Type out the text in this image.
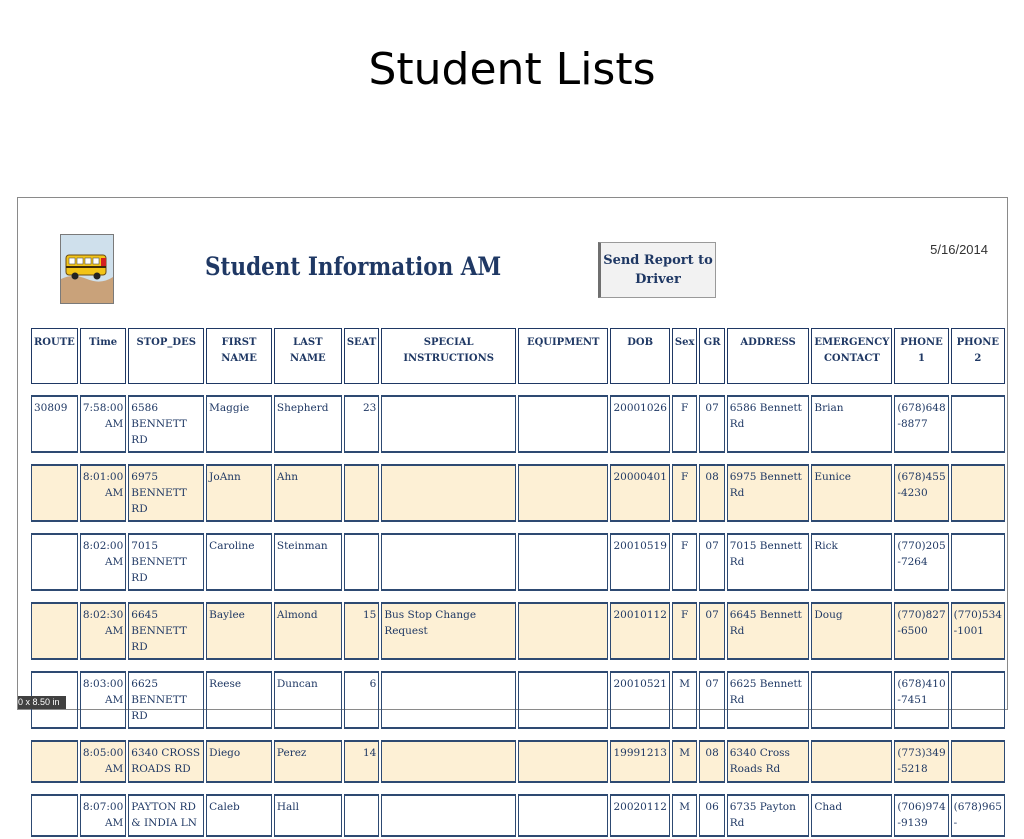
Student Lists
Student Information AM	Send Report to Driver
5/16/2014
ROUTE	Time	STOP_DES	FIRST NAME	LAST NAME	SEAT	SPECIAL INSTRUCTIONS	EQUIPMENT	DOB	Sex	GR	ADDRESS	EMERGENCY CONTACT	PHONE 1	PHONE 2

30809	7:58:00 AM	6586 BENNETT RD	Maggie	Shepherd	23			20001026	F	07	6586 Bennett Rd	Brian	(678)648 -8877	

	8:01:00 AM	6975 BENNETT RD	JoAnn	Ahn				20000401	F	08	6975 Bennett Rd	Eunice	(678)455 -4230	

	8:02:00 AM	7015 BENNETT RD	Caroline	Steinman				20010519	F	07	7015 Bennett Rd	Rick	(770)205 -7264	

	8:02:30 AM	6645 BENNETT RD	Baylee	Almond	15	Bus Stop Change Request		20010112	F	07	6645 Bennett Rd	Doug	(770)827 -6500	(770)534 -1001

	8:03:00 AM	6625 BENNETT RD	Reese	Duncan	6			20010521	M	07	6625 Bennett Rd		(678)410 -7451	

	8:05:00 AM	6340 CROSS ROADS RD	Diego	Perez	14			19991213	M	08	6340 Cross Roads Rd		(773)349 -5218	

	8:07:00 AM	PAYTON RD & INDIA LN	Caleb	Hall				20020112	M	06	6735 Payton Rd	Chad	(706)974 -9139	(678)965 -
0 x 8.50 in
